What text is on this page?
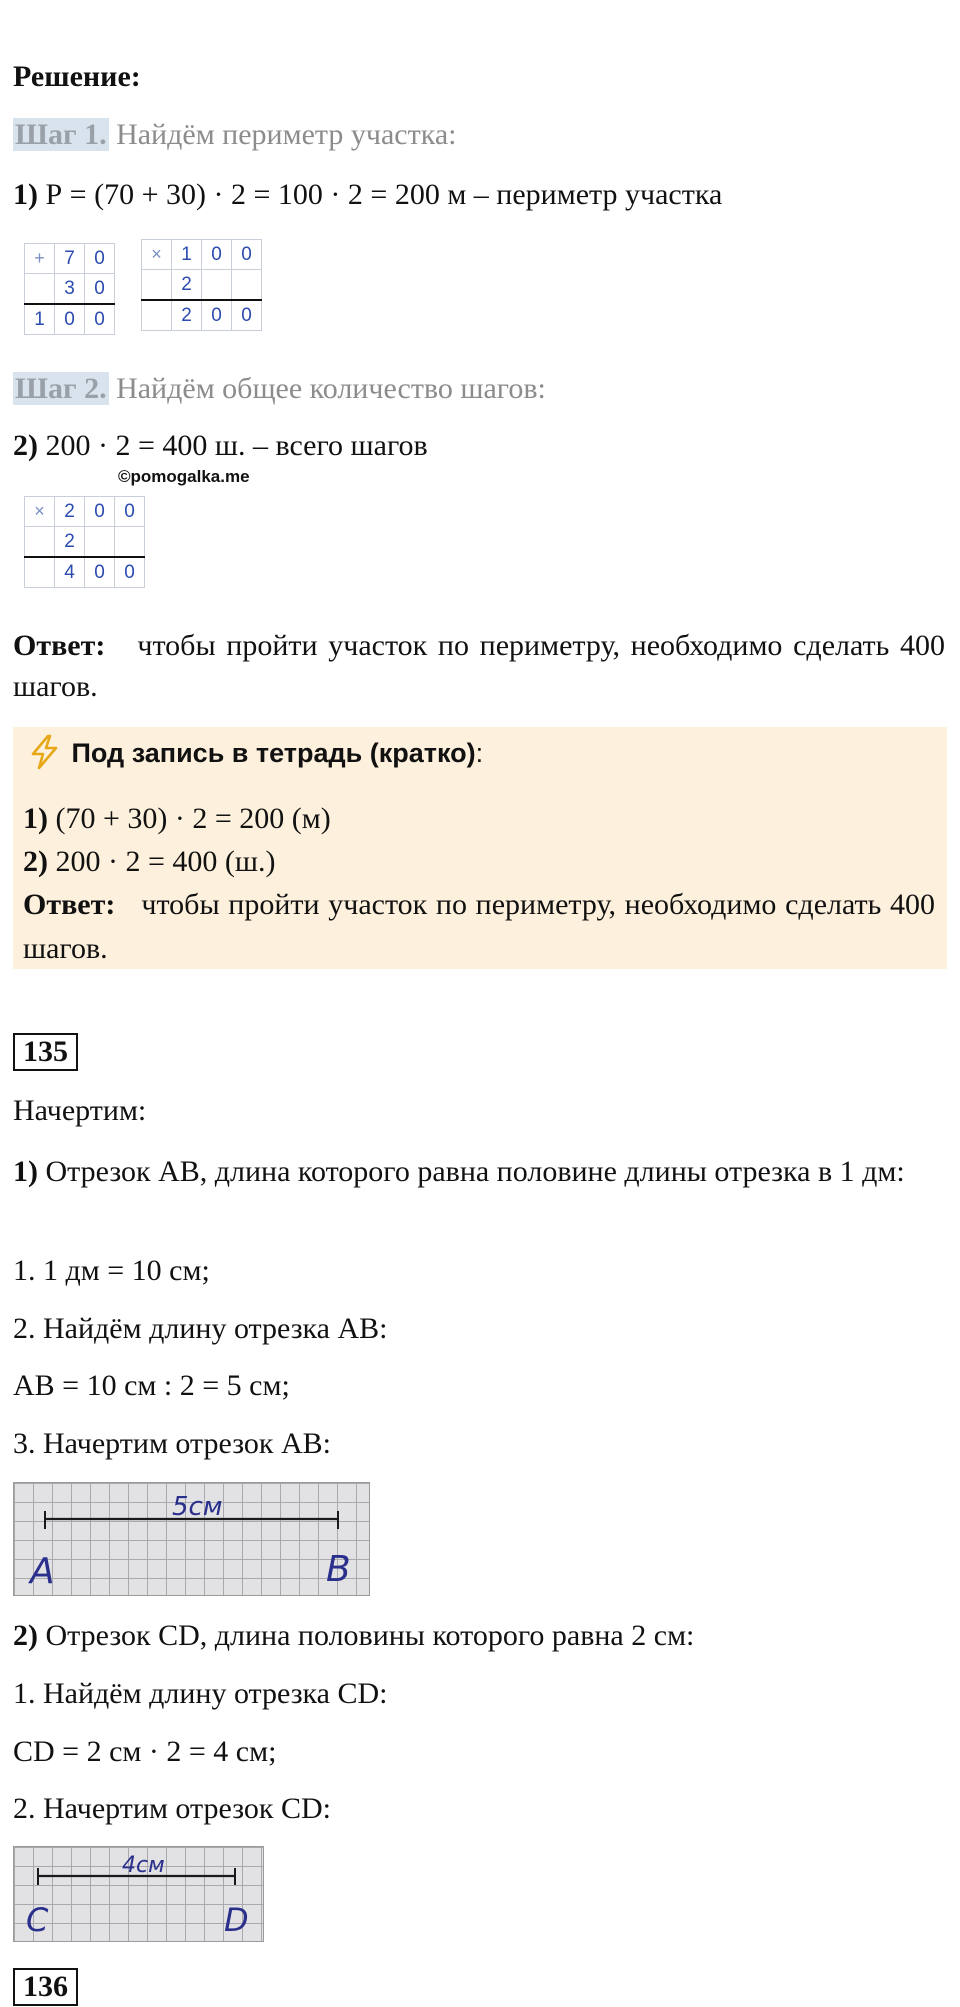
Решение:
Шаг 1. Найдём периметр участка:
1) Р = (70 + 30) · 2 = 100 · 2 = 200 м – периметр участка
+	7	0
	3	0
1	0	0
×	1	0	0
	2		
	2	0	0
Шаг 2. Найдём общее количество шагов:
2) 200 · 2 = 400 ш. – всего шагов
©pomogalka.me
×	2	0	0
	2		
	4	0	0
Ответ: чтобы пройти участок по периметру, необходимо сделать 400 шагов.
Под запись в тетрадь (кратко):
1) (70 + 30) · 2 = 200 (м)
2) 200 · 2 = 400 (ш.)
Ответ: чтобы пройти участок по периметру, необходимо сделать 400 шагов.
135
Начертим:
1) Отрезок АВ, длина которого равна половине длины отрезка в 1 дм:
1. 1 дм = 10 см;
2. Найдём длину отрезка АВ:
АВ = 10 см : 2 = 5 см;
3. Начертим отрезок АВ:
5см
A	B
2) Отрезок CD, длина половины которого равна 2 см:
1. Найдём длину отрезка CD:
CD = 2 см · 2 = 4 см;
2. Начертим отрезок CD:
4см
C	D
136
